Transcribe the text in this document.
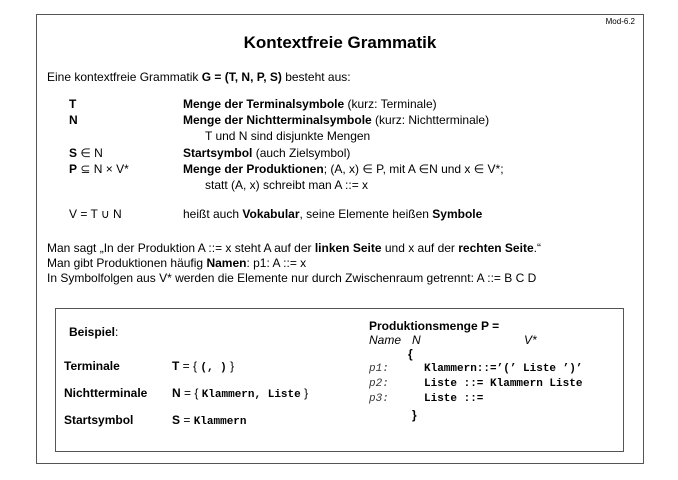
Mod-6.2
Kontextfreie Grammatik
Eine kontextfreie Grammatik G = (T, N, P, S) besteht aus:
T	Menge der Terminalsymbole (kurz: Terminale)
N	Menge der Nichtterminalsymbole (kurz: Nichtterminale)
T und N sind disjunkte Mengen
S ∈ N	Startsymbol (auch Zielsymbol)
P ⊆ N × V*	Menge der Produktionen; (A, x) ∈ P, mit A ∈N und x ∈ V*;
statt (A, x) schreibt man A ::= x
V = T ∪ N	heißt auch Vokabular, seine Elemente heißen Symbole
Man sagt „In der Produktion A ::= x steht A auf der linken Seite und x auf der rechten Seite.“
Man gibt Produktionen häufig Namen: p1: A ::= x
In Symbolfolgen aus V* werden die Elemente nur durch Zwischenraum getrennt: A ::= B C D
Beispiel:
Terminale	T = { (, ) }
Nichtterminale N = { Klammern, Liste }
Startsymbol	S = Klammern
Produktionsmenge P =
Name N	V*
{
p1:	Klammern::=’(’ Liste ’)’
p2:	Liste ::= Klammern Liste
p3:	Liste ::=
}
